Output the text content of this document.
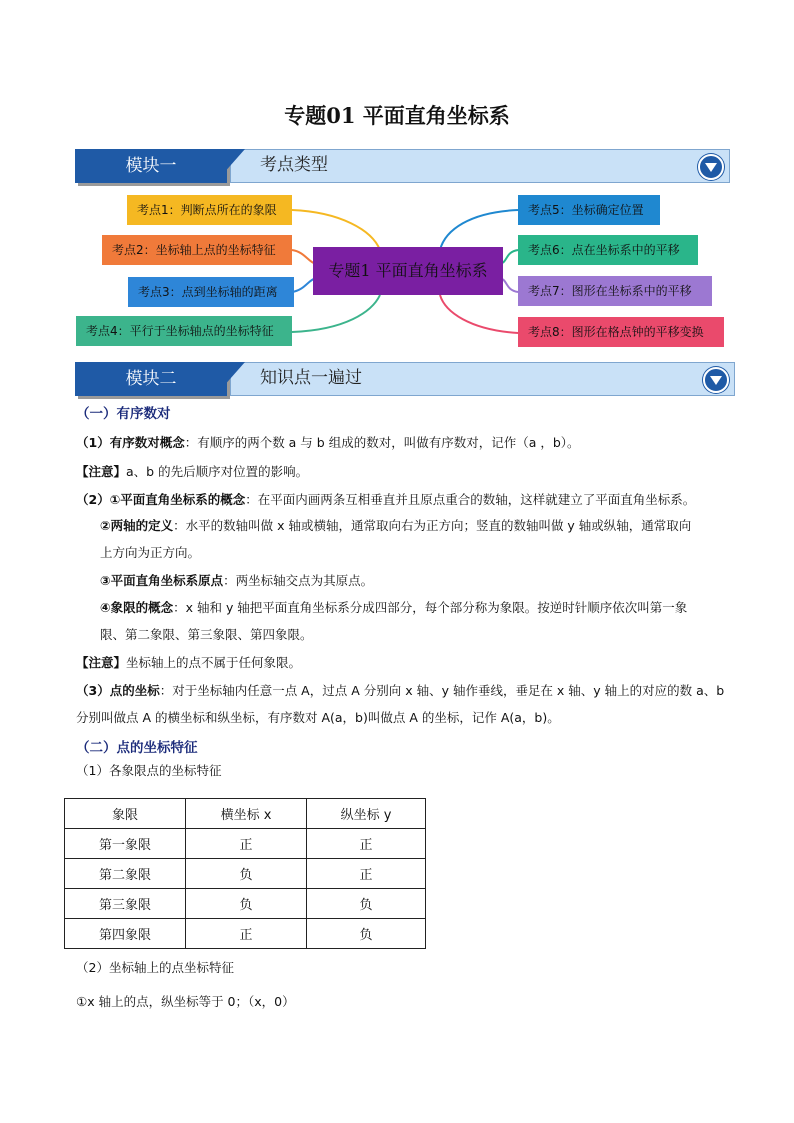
专题01 平面直角坐标系
模块一	考点类型
考点1：判断点所在的象限
考点2：坐标轴上点的坐标特征
考点3：点到坐标轴的距离
考点4：平行于坐标轴点的坐标特征
专题1 平面直角坐标系
考点5：坐标确定位置
考点6：点在坐标系中的平移
考点7：图形在坐标系中的平移
考点8：图形在格点钟的平移变换
模块二	知识点一遍过
（一）有序数对
（1）有序数对概念：有顺序的两个数 a 与 b 组成的数对，叫做有序数对，记作（a ，b）。
【注意】a、b 的先后顺序对位置的影响。
（2）①平面直角坐标系的概念：在平面内画两条互相垂直并且原点重合的数轴，这样就建立了平面直角坐标系。
②两轴的定义：水平的数轴叫做 x 轴或横轴，通常取向右为正方向；竖直的数轴叫做 y 轴或纵轴，通常取向
上方向为正方向。
③平面直角坐标系原点：两坐标轴交点为其原点。
④象限的概念：x 轴和 y 轴把平面直角坐标系分成四部分，每个部分称为象限。按逆时针顺序依次叫第一象
限、第二象限、第三象限、第四象限。
【注意】坐标轴上的点不属于任何象限。
（3）点的坐标：对于坐标轴内任意一点 A，过点 A 分别向 x 轴、y 轴作垂线，垂足在 x 轴、y 轴上的对应的数 a、b
分别叫做点 A 的横坐标和纵坐标，有序数对 A(a，b)叫做点 A 的坐标，记作 A(a，b)。
（二）点的坐标特征
（1）各象限点的坐标特征
象限	横坐标 x	纵坐标 y
第一象限	正	正
第二象限	负	正
第三象限	负	负
第四象限	正	负
（2）坐标轴上的点坐标特征
①x 轴上的点，纵坐标等于 0；（x，0）
